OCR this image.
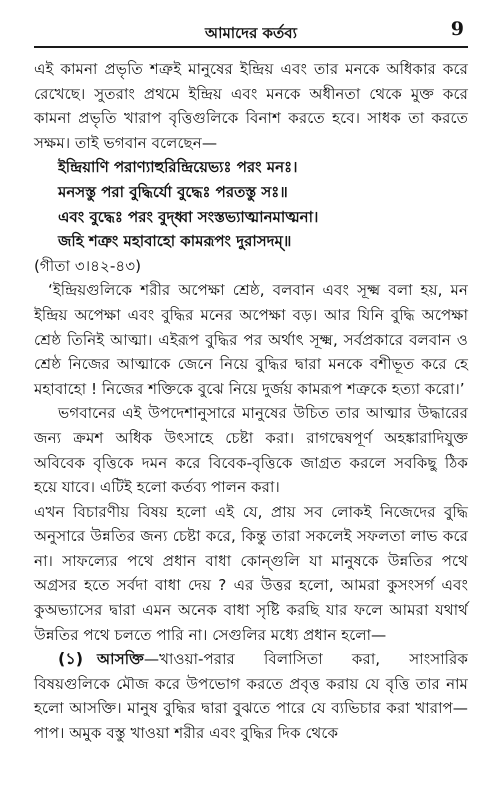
আমাদের কর্তব্য	9

এই কামনা প্রভৃতি শত্রুই মানুষের ইন্দ্রিয় এবং তার মনকে অধিকার করে রেখেছে। সুতরাং প্রথমে ইন্দ্রিয় এবং মনকে অধীনতা থেকে মুক্ত করে কামনা প্রভৃতি খারাপ বৃত্তিগুলিকে বিনাশ করতে হবে। সাধক তা করতে সক্ষম। তাই ভগবান বলেছেন—

ইন্দ্রিয়াণি পরাণ্যাহুরিন্দ্রিয়েভ্যঃ পরং মনঃ।
মনসস্তু পরা বুদ্ধির্যো বুদ্ধেঃ পরতস্তু সঃ॥
এবং বুদ্ধেঃ পরং বুদ্ধ্বা সংস্তভ্যাত্মানমাত্মনা।
জহি শত্রুং মহাবাহো কামরূপং দুরাসদম্॥

(গীতা ৩।৪২-৪৩)

‘ইন্দ্রিয়গুলিকে শরীর অপেক্ষা শ্রেষ্ঠ, বলবান এবং সূক্ষ্ম বলা হয়, মন ইন্দ্রিয় অপেক্ষা এবং বুদ্ধির মনের অপেক্ষা বড়। আর যিনি বুদ্ধি অপেক্ষা শ্রেষ্ঠ তিনিই আত্মা। এইরূপ বুদ্ধির পর অর্থাৎ সূক্ষ্ম, সর্বপ্রকারে বলবান ও শ্রেষ্ঠ নিজের আত্মাকে জেনে নিয়ে বুদ্ধির দ্বারা মনকে বশীভূত করে হে মহাবাহো ! নিজের শক্তিকে বুঝে নিয়ে দুর্জয় কামরূপ শত্রুকে হত্যা করো।’

ভগবানের এই উপদেশানুসারে মানুষের উচিত তার আত্মার উদ্ধারের জন্য ক্রমশ অধিক উৎসাহে চেষ্টা করা। রাগদ্বেষপূর্ণ অহঙ্কারাদিযুক্ত অবিবেক বৃত্তিকে দমন করে বিবেক-বৃত্তিকে জাগ্রত করলে সবকিছু ঠিক হয়ে যাবে। এটিই হলো কর্তব্য পালন করা।

এখন বিচারণীয় বিষয় হলো এই যে, প্রায় সব লোকই নিজেদের বুদ্ধি অনুসারে উন্নতির জন্য চেষ্টা করে, কিন্তু তারা সকলেই সফলতা লাভ করে না। সাফল্যের পথে প্রধান বাধা কোন্‌গুলি যা মানুষকে উন্নতির পথে অগ্রসর হতে সর্বদা বাধা দেয় ? এর উত্তর হলো, আমরা কুসংসর্গ এবং কুঅভ্যাসের দ্বারা এমন অনেক বাধা সৃষ্টি করছি যার ফলে আমরা যথার্থ উন্নতির পথে চলতে পারি না। সেগুলির মধ্যে প্রধান হলো—

(১) আসক্তি—খাওয়া-পরার বিলাসিতা করা, সাংসারিক বিষয়গুলিকে মৌজ করে উপভোগ করতে প্রবৃত্ত করায় যে বৃত্তি তার নাম হলো আসক্তি। মানুষ বুদ্ধির দ্বারা বুঝতে পারে যে ব্যভিচার করা খারাপ—পাপ। অমুক বস্তু খাওয়া শরীর এবং বুদ্ধির দিক থেকে
